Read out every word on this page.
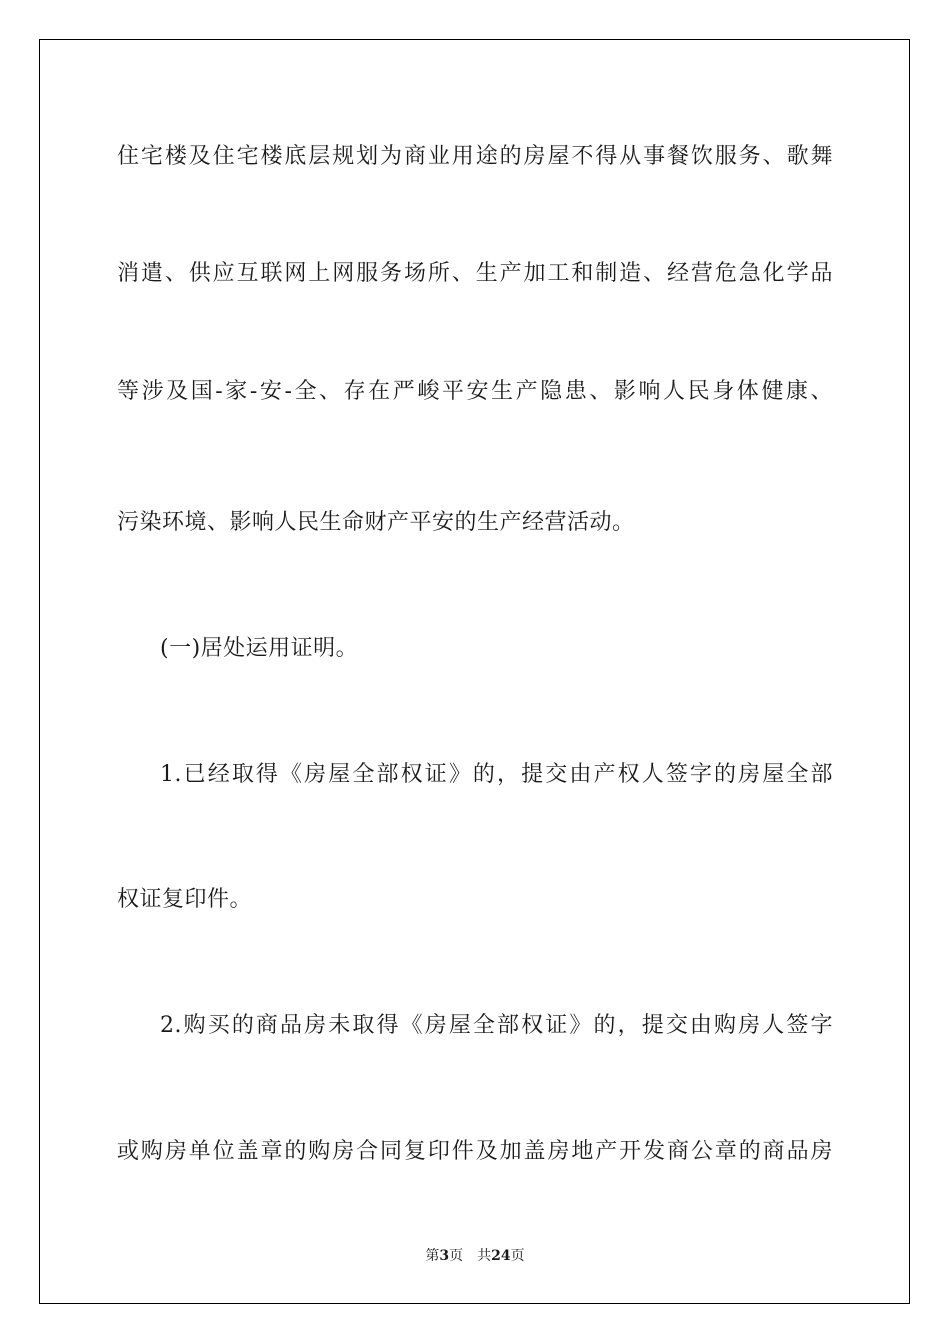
住宅楼及住宅楼底层规划为商业用途的房屋不得从事餐饮服务、歌舞

消遣、供应互联网上网服务场所、生产加工和制造、经营危急化学品

等涉及国-家-安-全、存在严峻平安生产隐患、影响人民身体健康、

污染环境、影响人民生命财产平安的生产经营活动。

(一)居处运用证明。

1.已经取得《房屋全部权证》的，提交由产权人签字的房屋全部

权证复印件。

2.购买的商品房未取得《房屋全部权证》的，提交由购房人签字

或购房单位盖章的购房合同复印件及加盖房地产开发商公章的商品房

第3页 共24页
